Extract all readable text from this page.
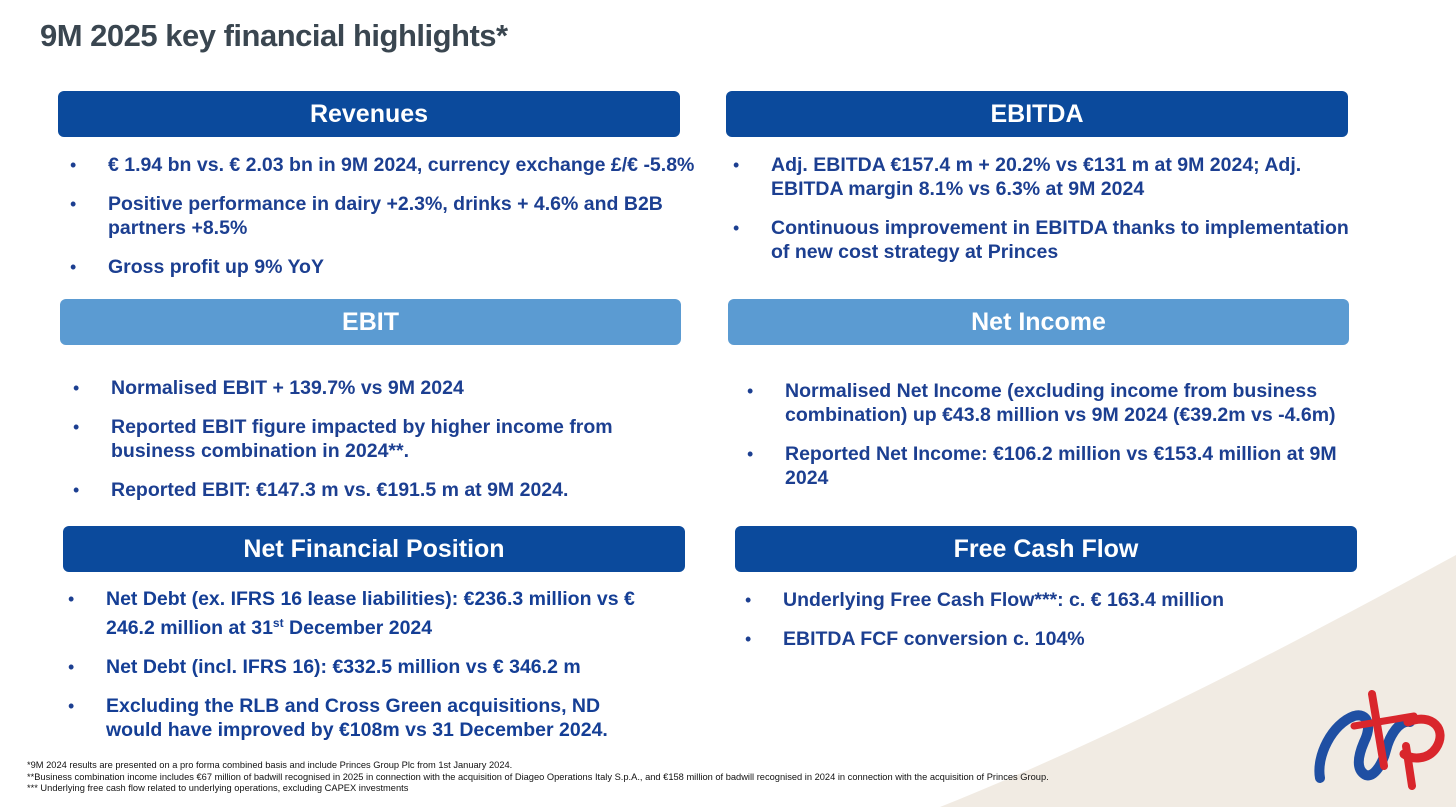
9M 2025 key financial highlights*
Revenues
• € 1.94 bn vs. € 2.03 bn in 9M 2024, currency exchange £/€ -5.8%
• Positive performance in dairy +2.3%, drinks + 4.6% and B2B partners +8.5%
• Gross profit up 9% YoY
EBITDA
• Adj. EBITDA €157.4 m + 20.2% vs €131 m at 9M 2024; Adj. EBITDA margin 8.1% vs 6.3% at 9M 2024
• Continuous improvement in EBITDA thanks to implementation of new cost strategy at Princes
EBIT
• Normalised EBIT + 139.7% vs 9M 2024
• Reported EBIT figure impacted by higher income from business combination in 2024**.
• Reported EBIT: €147.3 m vs. €191.5 m at 9M 2024.
Net Income
• Normalised Net Income (excluding income from business combination) up €43.8 million vs 9M 2024 (€39.2m vs -4.6m)
• Reported Net Income: €106.2 million vs €153.4 million at 9M 2024
Net Financial Position
• Net Debt (ex. IFRS 16 lease liabilities): €236.3 million vs € 246.2 million at 31st December 2024
• Net Debt (incl. IFRS 16): €332.5 million vs € 346.2 m
• Excluding the RLB and Cross Green acquisitions, ND would have improved by €108m vs 31 December 2024.
Free Cash Flow
• Underlying Free Cash Flow***: c. € 163.4 million
• EBITDA FCF conversion c. 104%
*9M 2024 results are presented on a pro forma combined basis and include Princes Group Plc from 1st January 2024.
**Business combination income includes €67 million of badwill recognised in 2025 in connection with the acquisition of Diageo Operations Italy S.p.A., and €158 million of badwill recognised in 2024 in connection with the acquisition of Princes Group.
*** Underlying free cash flow related to underlying operations, excluding CAPEX investments
